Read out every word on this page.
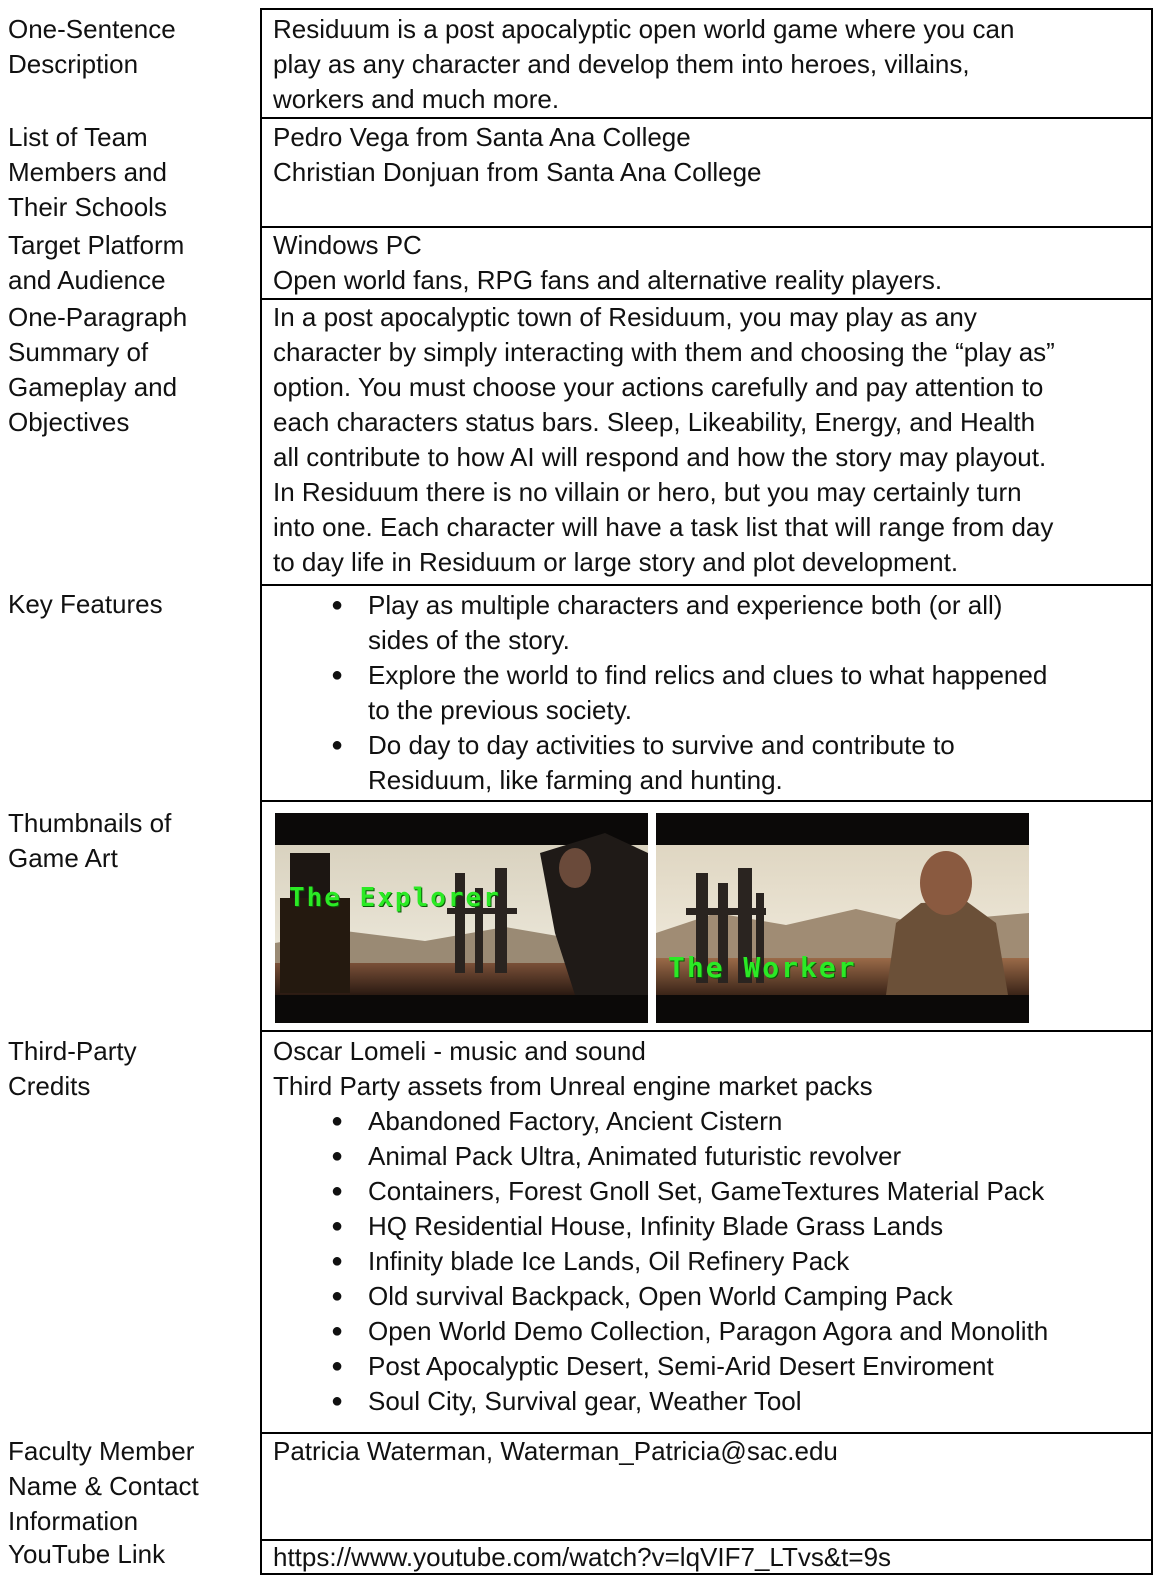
One-Sentence
Description
Residuum is a post apocalyptic open world game where you can
play as any character and develop them into heroes, villains,
workers and much more.
List of Team
Members and
Their Schools
Pedro Vega from Santa Ana College
Christian Donjuan from Santa Ana College
Target Platform
and Audience
Windows PC
Open world fans, RPG fans and alternative reality players.
One-Paragraph
Summary of
Gameplay and
Objectives
In a post apocalyptic town of Residuum, you may play as any
character by simply interacting with them and choosing the “play as”
option. You must choose your actions carefully and pay attention to
each characters status bars. Sleep, Likeability, Energy, and Health
all contribute to how AI will respond and how the story may playout.
In Residuum there is no villain or hero, but you may certainly turn
into one. Each character will have a task list that will range from day
to day life in Residuum or large story and plot development.
Key Features	● Play as multiple characters and experience both (or all)
sides of the story.
● Explore the world to find relics and clues to what happened
to the previous society.
● Do day to day activities to survive and contribute to
Residuum, like farming and hunting.
Thumbnails of
Game Art
The Explorer
The Worker
Third-Party
Credits
Oscar Lomeli - music and sound
Third Party assets from Unreal engine market packs
● Abandoned Factory, Ancient Cistern
● Animal Pack Ultra, Animated futuristic revolver
● Containers, Forest Gnoll Set, GameTextures Material Pack
● HQ Residential House, Infinity Blade Grass Lands
● Infinity blade Ice Lands, Oil Refinery Pack
● Old survival Backpack, Open World Camping Pack
● Open World Demo Collection, Paragon Agora and Monolith
● Post Apocalyptic Desert, Semi-Arid Desert Enviroment
● Soul City, Survival gear, Weather Tool
Faculty Member
Name & Contact
Information
Patricia Waterman, Waterman_Patricia@sac.edu
YouTube Link	https://www.youtube.com/watch?v=lqVIF7_LTvs&t=9s
